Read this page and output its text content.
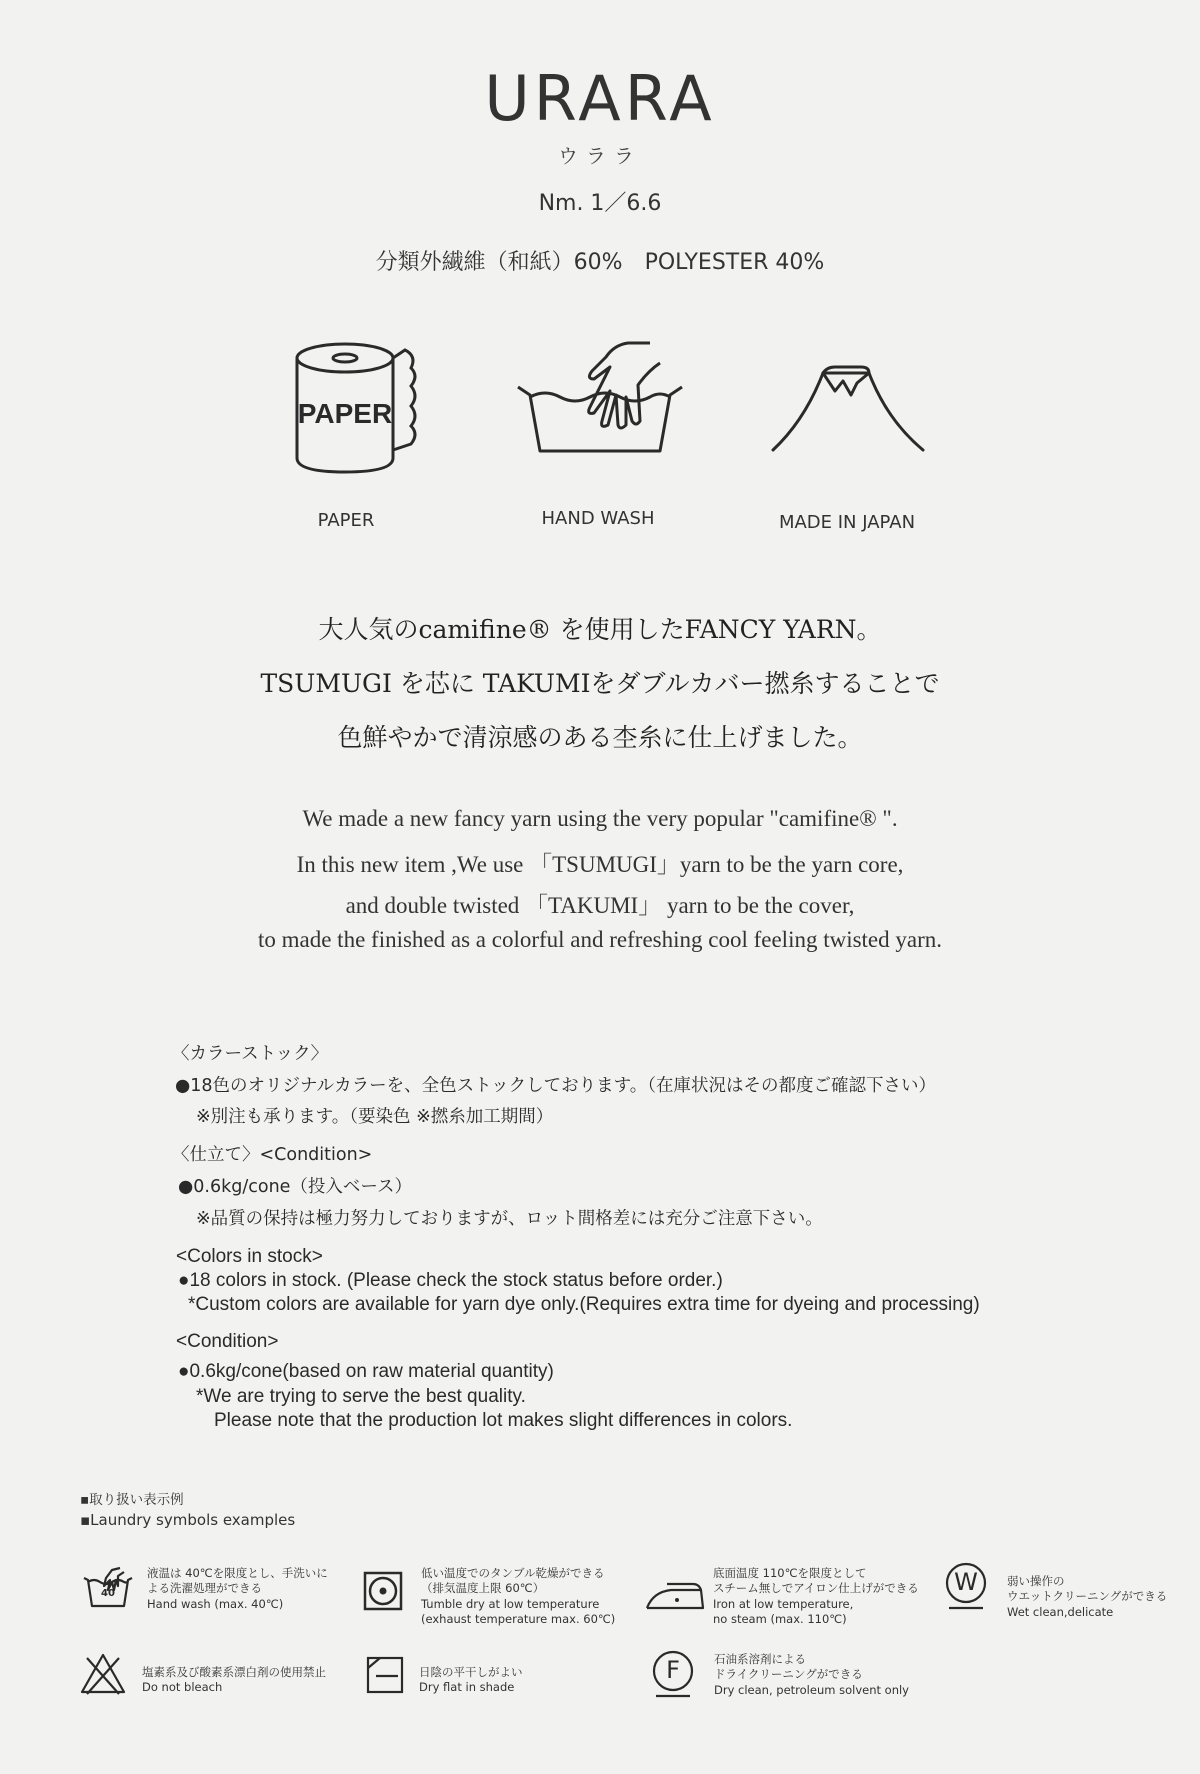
URARA
ウララ
Nm. 1／6.6
分類外繊維（和紙）60%　POLYESTER 40%
PAPER
PAPER	HAND WASH	MADE IN JAPAN
大人気のcamifine® を使用したFANCY YARN。
TSUMUGI を芯に TAKUMIをダブルカバー撚糸することで
色鮮やかで清涼感のある杢糸に仕上げました。
We made a new fancy yarn using the very popular "camifine® ".
In this new item ,We use 「TSUMUGI」yarn to be the yarn core,
and double twisted 「TAKUMI」 yarn to be the cover,
to made the finished as a colorful and refreshing cool feeling twisted yarn.
〈カラーストック〉
●18色のオリジナルカラーを、全色ストックしております。（在庫状況はその都度ご確認下さい）
※別注も承ります。（要染色 ※撚糸加工期間）
〈仕立て〉<Condition>
●0.6kg/cone（投入ベース）
※品質の保持は極力努力しておりますが、ロット間格差には充分ご注意下さい。
<Colors in stock>
●18 colors in stock. (Please check the stock status before order.)
*Custom colors are available for yarn dye only.(Requires extra time for dyeing and processing)
<Condition>
●0.6kg/cone(based on raw material quantity)
*We are trying to serve the best quality.
Please note that the production lot makes slight differences in colors.
▪取り扱い表示例
▪Laundry symbols examples
40
液温は 40℃を限度とし、手洗いに
よる洗濯処理ができる
Hand wash (max. 40℃)
低い温度でのタンブル乾燥ができる
（排気温度上限 60℃）
Tumble dry at low temperature
(exhaust temperature max. 60℃)
底面温度 110℃を限度として
スチーム無しでアイロン仕上げができる
Iron at low temperature,
no steam (max. 110℃)
W	弱い操作の
ウエットクリーニングができる
Wet clean,delicate
塩素系及び酸素系漂白剤の使用禁止
Do not bleach
日陰の平干しがよい
Dry flat in shade
F	石油系溶剤による
ドライクリーニングができる
Dry clean, petroleum solvent only
